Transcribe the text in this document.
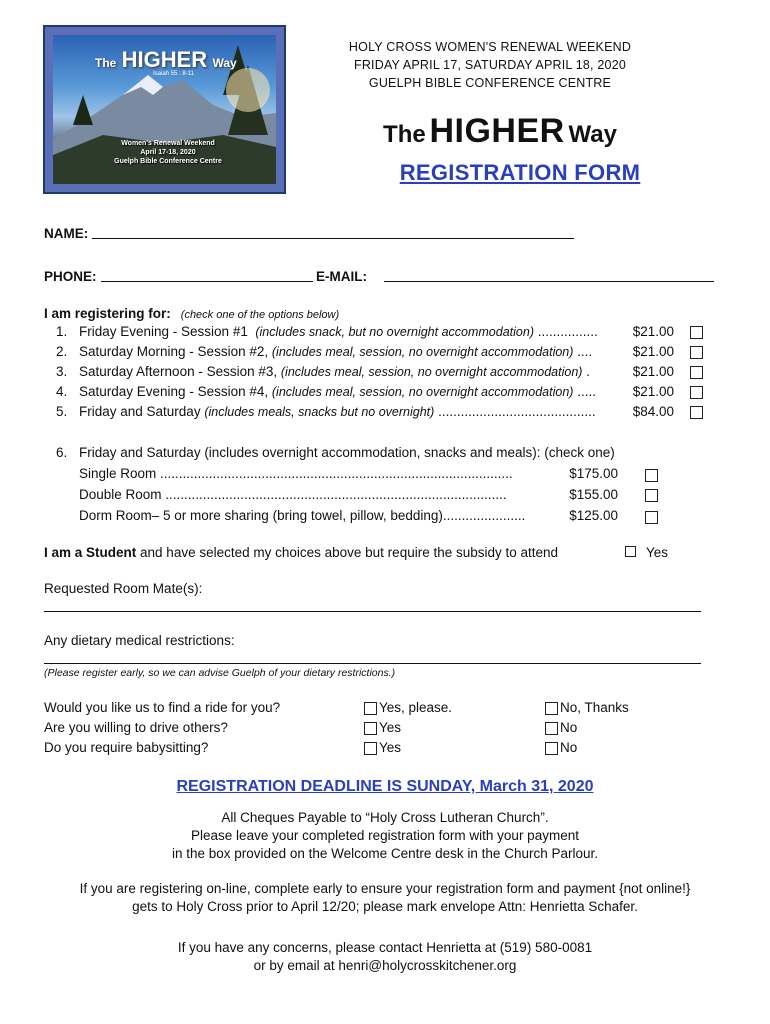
The HIGHER Way
Isaiah 55 : 8-11
Women's Renewal Weekend
April 17-18, 2020
Guelph Bible Conference Centre
HOLY CROSS WOMEN'S RENEWAL WEEKEND
FRIDAY APRIL 17, SATURDAY APRIL 18, 2020
GUELPH BIBLE CONFERENCE CENTRE
The HIGHER Way
REGISTRATION FORM
NAME:
PHONE:	E-MAIL:
I am registering for: (check one of the options below)
1. Friday Evening - Session #1 (includes snack, but no overnight accommodation) ................	$21.00
2. Saturday Morning - Session #2, (includes meal, session, no overnight accommodation) ....	$21.00
3. Saturday Afternoon - Session #3, (includes meal, session, no overnight accommodation) .	$21.00
4. Saturday Evening - Session #4, (includes meal, session, no overnight accommodation) .....	$21.00
5. Friday and Saturday (includes meals, snacks but no overnight) ..........................................	$84.00
6. Friday and Saturday (includes overnight accommodation, snacks and meals): (check one)
Single Room ..............................................................................................	$175.00
Double Room ...........................................................................................	$155.00
Dorm Room– 5 or more sharing (bring towel, pillow, bedding)......................	$125.00
I am a Student and have selected my choices above but require the subsidy to attend	Yes
Requested Room Mate(s):
Any dietary medical restrictions:
(Please register early, so we can advise Guelph of your dietary restrictions.)
Would you like us to find a ride for you?	Yes, please.	No, Thanks
Are you willing to drive others?	Yes	No
Do you require babysitting?	Yes	No
REGISTRATION DEADLINE IS SUNDAY, March 31, 2020
All Cheques Payable to “Holy Cross Lutheran Church”.
Please leave your completed registration form with your payment
in the box provided on the Welcome Centre desk in the Church Parlour.
If you are registering on-line, complete early to ensure your registration form and payment {not online!}
gets to Holy Cross prior to April 12/20; please mark envelope Attn: Henrietta Schafer.
If you have any concerns, please contact Henrietta at (519) 580-0081
or by email at henri@holycrosskitchener.org
